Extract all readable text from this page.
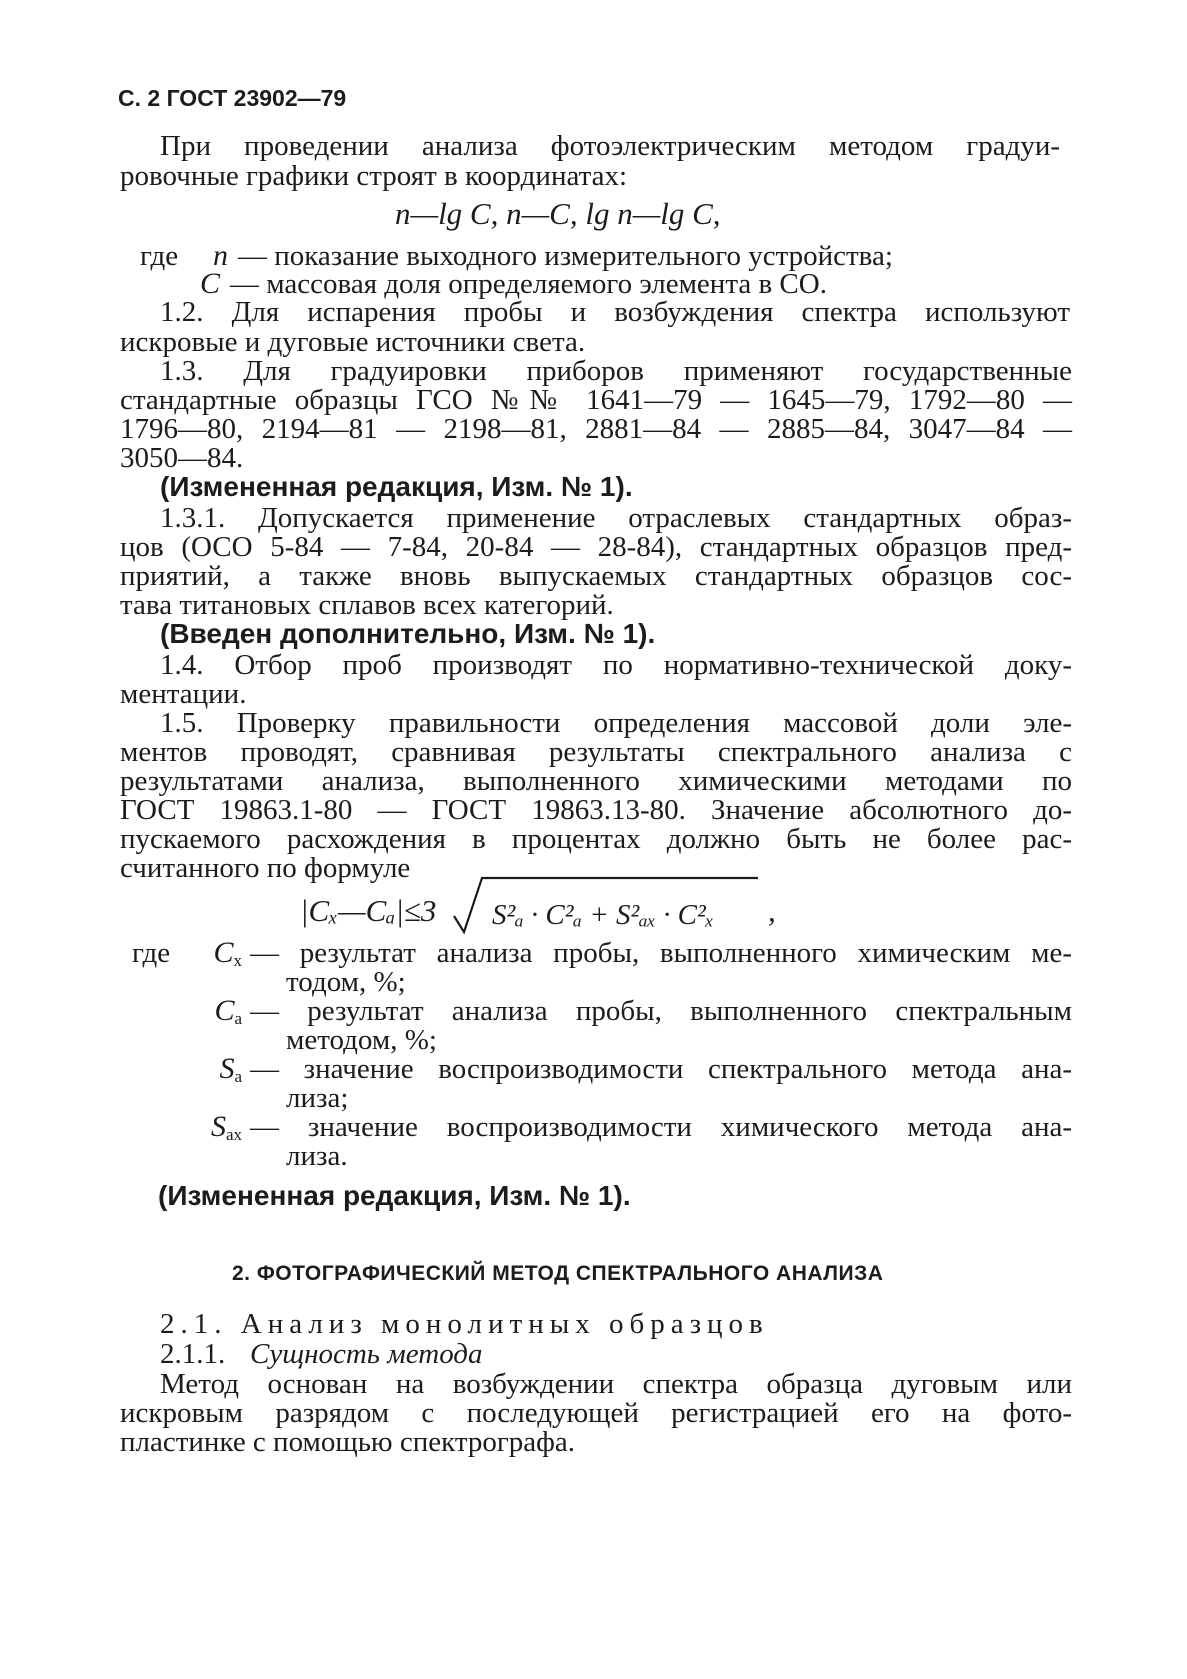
С. 2 ГОСТ 23902—79
При проведении анализа фотоэлектрическим методом градуи-
ровочные графики строят в координатах:
n—lg C, n—C, lg n—lg C,
где	n — показание выходного измерительного устройства;
C — массовая доля определяемого элемента в СО.
1.2. Для испарения пробы и возбуждения спектра используют
искровые и дуговые источники света.
1.3. Для градуировки приборов применяют государственные
стандартные образцы ГСО №№ 1641—79 — 1645—79, 1792—80 —
1796—80, 2194—81 — 2198—81, 2881—84 — 2885—84, 3047—84 —
3050—84.
(Измененная редакция, Изм. № 1).
1.3.1. Допускается применение отраслевых стандартных образ-
цов (ОСО 5-84 — 7-84, 20-84 — 28-84), стандартных образцов пред-
приятий, а также вновь выпускаемых стандартных образцов сос-
тава титановых сплавов всех категорий.
(Введен дополнительно, Изм. № 1).
1.4. Отбор проб производят по нормативно-технической доку-
ментации.
1.5. Проверку правильности определения массовой доли эле-
ментов проводят, сравнивая результаты спектрального анализа с
результатами анализа, выполненного химическими методами по
ГОСТ 19863.1-80 — ГОСТ 19863.13-80. Значение абсолютного до-
пускаемого расхождения в процентах должно быть не более рас-
считанного по формуле
|Cₓ—Cₐ|≤3 S²ₐ · C²ₐ + S²ₐₓ · C²ₓ ,
где	$C_x$ — результат анализа пробы, выполненного химическим ме-
тодом, %;
$C_a$ — результат анализа пробы, выполненного спектральным
методом, %;
$S_a$ — значение воспроизводимости спектрального метода ана-
лиза;
$S_{ax}$ — значение воспроизводимости химического метода ана-
лиза.
(Измененная редакция, Изм. № 1).
2. ФОТОГРАФИЧЕСКИЙ МЕТОД СПЕКТРАЛЬНОГО АНАЛИЗА
2.1. Анализ монолитных образцов
2.1.1. Сущность метода
Метод основан на возбуждении спектра образца дуговым или
искровым разрядом с последующей регистрацией его на фото-
пластинке с помощью спектрографа.
